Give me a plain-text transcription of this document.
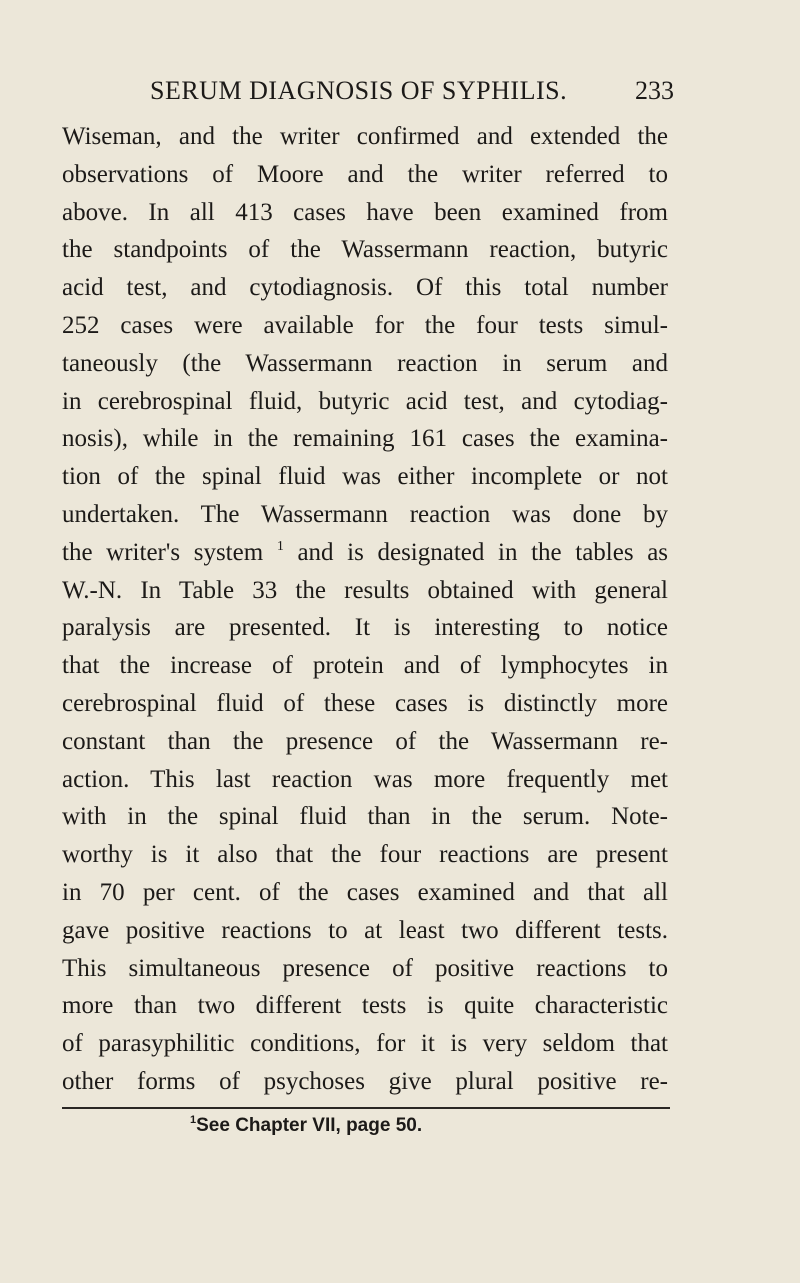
SERUM DIAGNOSIS OF SYPHILIS.	233
Wiseman, and the writer confirmed and extended the
observations of Moore and the writer referred to
above. In all 413 cases have been examined from
the standpoints of the Wassermann reaction, butyric
acid test, and cytodiagnosis. Of this total number
252 cases were available for the four tests simul-
taneously (the Wassermann reaction in serum and
in cerebrospinal fluid, butyric acid test, and cytodiag-
nosis), while in the remaining 161 cases the examina-
tion of the spinal fluid was either incomplete or not
undertaken. The Wassermann reaction was done by
the writer's system $^1$ and is designated in the tables as
W.-N. In Table 33 the results obtained with general
paralysis are presented. It is interesting to notice
that the increase of protein and of lymphocytes in
cerebrospinal fluid of these cases is distinctly more
constant than the presence of the Wassermann re-
action. This last reaction was more frequently met
with in the spinal fluid than in the serum. Note-
worthy is it also that the four reactions are present
in 70 per cent. of the cases examined and that all
gave positive reactions to at least two different tests.
This simultaneous presence of positive reactions to
more than two different tests is quite characteristic
of parasyphilitic conditions, for it is very seldom that
other forms of psychoses give plural positive re-
$^1$See Chapter VII, page 50.
